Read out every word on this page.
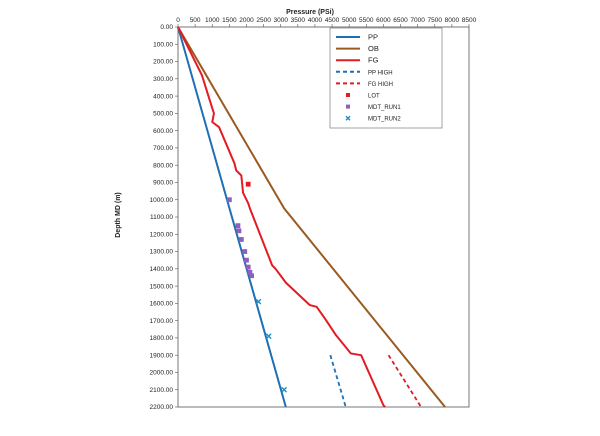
0 500 1000 1500 2000 2500 3000 3500 4000 4500 5000 5500 6000 6500 7000 7500 8000 8500
0.00
100.00
200.00
300.00
400.00
500.00
600.00
700.00
800.00
900.00
1000.00
1100.00
1200.00
1300.00
1400.00
1500.00
1600.00
1700.00
1800.00
1900.00
2000.00
2100.00
2200.00
Pressure (PSi)
Depth MD (m)
PP
OB
FG
PP HIGH
FG HIGH
LOT
MDT_RUN1
MDT_RUN2
